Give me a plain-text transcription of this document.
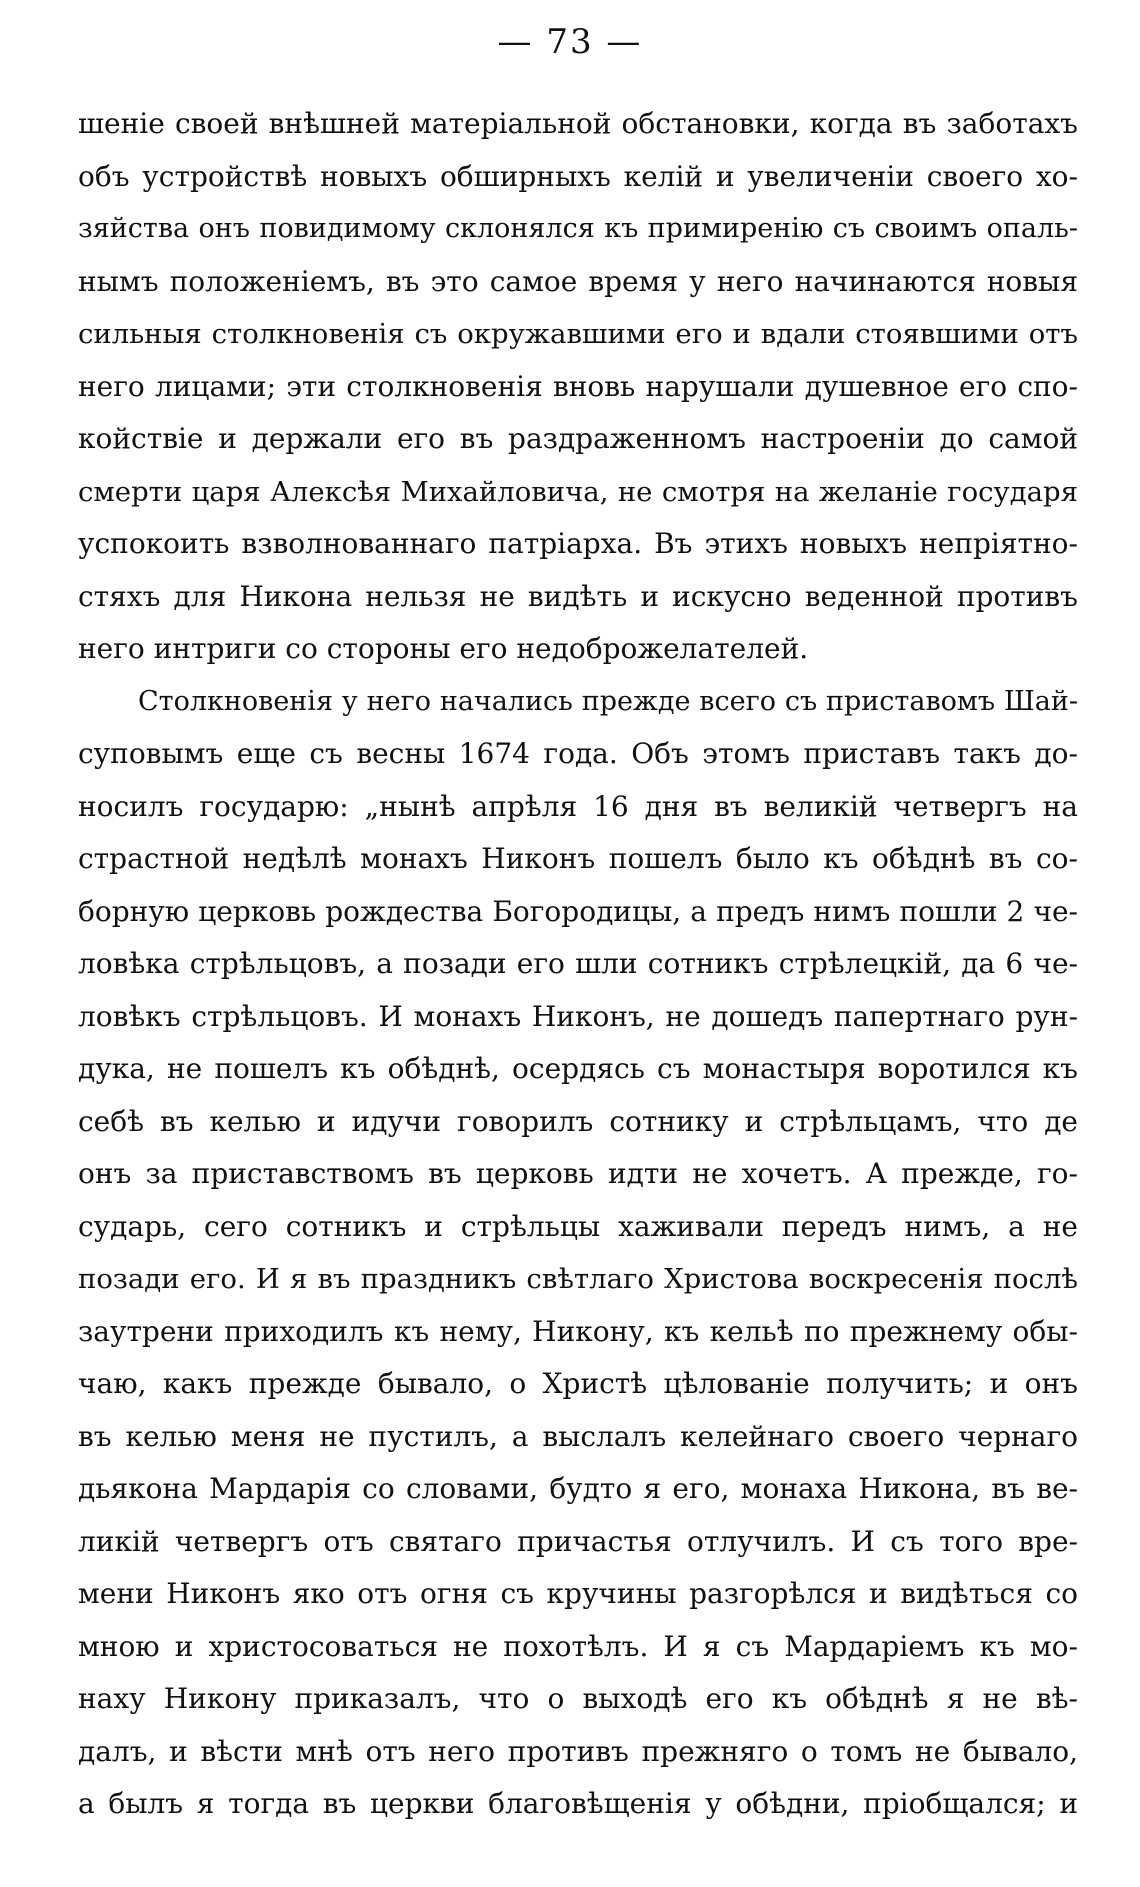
— 73 —
шеніе своей внѣшней матеріальной обстановки, когда въ заботахъ
объ устройствѣ новыхъ обширныхъ келій и увеличеніи своего хо-
зяйства онъ повидимому склонялся къ примиренію съ своимъ опаль-
нымъ положеніемъ, въ это самое время у него начинаются новыя
сильныя столкновенія съ окружавшими его и вдали стоявшими отъ
него лицами; эти столкновенія вновь нарушали душевное его спо-
койствіе и держали его въ раздраженномъ настроеніи до самой
смерти царя Алексѣя Михайловича, не смотря на желаніе государя
успокоить взволнованнаго патріарха. Въ этихъ новыхъ непріятно-
стяхъ для Никона нельзя не видѣть и искусно веденной противъ
него интриги со стороны его недоброжелателей.
Столкновенія у него начались прежде всего съ приставомъ Шай-
суповымъ еще съ весны 1674 года. Объ этомъ приставъ такъ до-
носилъ государю: „нынѣ апрѣля 16 дня въ великій четвергъ на
страстной недѣлѣ монахъ Никонъ пошелъ было къ обѣднѣ въ со-
борную церковь рождества Богородицы, а предъ нимъ пошли 2 че-
ловѣка стрѣльцовъ, а позади его шли сотникъ стрѣлецкій, да 6 че-
ловѣкъ стрѣльцовъ. И монахъ Никонъ, не дошедъ папертнаго рун-
дука, не пошелъ къ обѣднѣ, осердясь съ монастыря воротился къ
себѣ въ келью и идучи говорилъ сотнику и стрѣльцамъ, что де
онъ за приставствомъ въ церковь идти не хочетъ. А прежде, го-
сударь, сего сотникъ и стрѣльцы хаживали передъ нимъ, а не
позади его. И я въ праздникъ свѣтлаго Христова воскресенія послѣ
заутрени приходилъ къ нему, Никону, къ кельѣ по прежнему обы-
чаю, какъ прежде бывало, о Христѣ цѣлованіе получить; и онъ
въ келью меня не пустилъ, а выслалъ келейнаго своего чернаго
дьякона Мардарія со словами, будто я его, монаха Никона, въ ве-
ликій четвергъ отъ святаго причастья отлучилъ. И съ того вре-
мени Никонъ яко отъ огня съ кручины разгорѣлся и видѣться со
мною и христосоваться не похотѣлъ. И я съ Мардаріемъ къ мо-
наху Никону приказалъ, что о выходѣ его къ обѣднѣ я не вѣ-
далъ, и вѣсти мнѣ отъ него противъ прежняго о томъ не бывало,
а былъ я тогда въ церкви благовѣщенія у обѣдни, пріобщался; и
